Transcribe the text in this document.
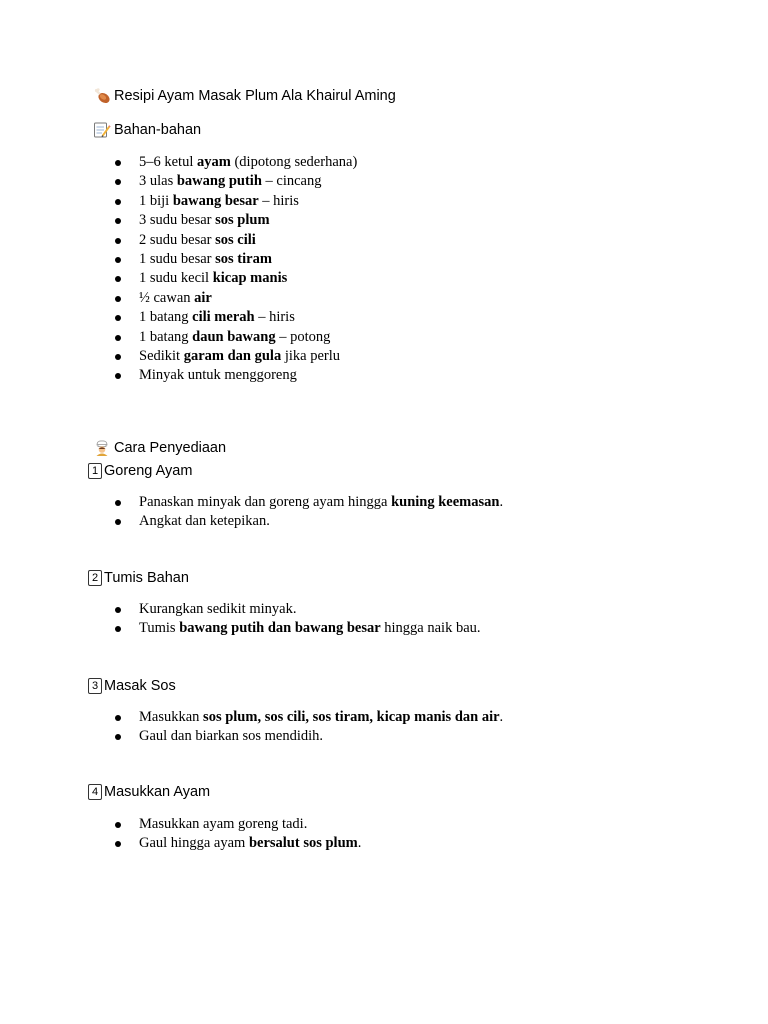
Resipi Ayam Masak Plum Ala Khairul Aming
Bahan-bahan
5–6 ketul ayam (dipotong sederhana)
3 ulas bawang putih – cincang
1 biji bawang besar – hiris
3 sudu besar sos plum
2 sudu besar sos cili
1 sudu besar sos tiram
1 sudu kecil kicap manis
½ cawan air
1 batang cili merah – hiris
1 batang daun bawang – potong
Sedikit garam dan gula jika perlu
Minyak untuk menggoreng
Cara Penyediaan
1 Goreng Ayam
Panaskan minyak dan goreng ayam hingga kuning keemasan.
Angkat dan ketepikan.
2 Tumis Bahan
Kurangkan sedikit minyak.
Tumis bawang putih dan bawang besar hingga naik bau.
3 Masak Sos
Masukkan sos plum, sos cili, sos tiram, kicap manis dan air.
Gaul dan biarkan sos mendidih.
4 Masukkan Ayam
Masukkan ayam goreng tadi.
Gaul hingga ayam bersalut sos plum.
